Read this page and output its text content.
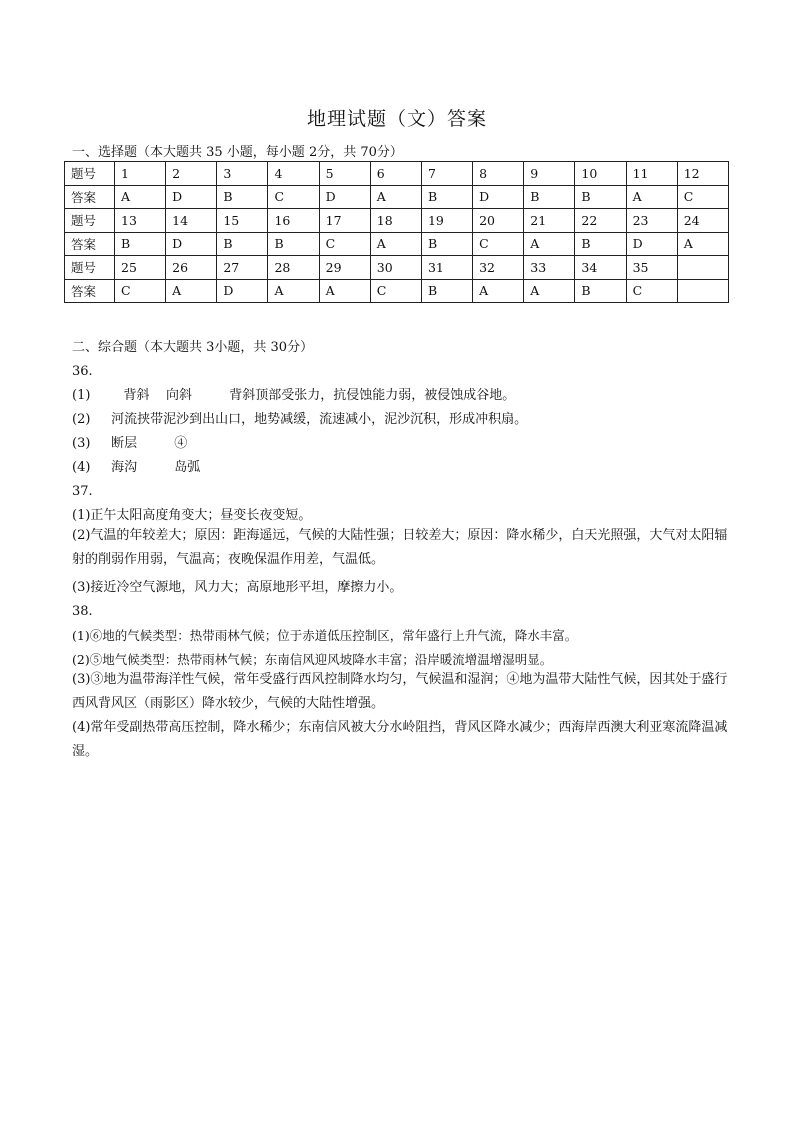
地理试题（文）答案
一、选择题（本大题共 35 小题，每小题 2分，共 70分）
题号	1	2	3	4	5	6	7	8	9	10	11	12
答案	A	D	B	C	D	A	B	D	B	B	A	C
题号	13	14	15	16	17	18	19	20	21	22	23	24
答案	B	D	B	B	C	A	B	C	A	B	D	A
题号	25	26	27	28	29	30	31	32	33	34	35	
答案	C	A	D	A	A	C	B	A	A	B	C	
二、综合题（本大题共 3小题，共 30分）
36.
(1)        背斜    向斜         背斜顶部受张力，抗侵蚀能力弱，被侵蚀成谷地。
(2)     河流挟带泥沙到出山口，地势减缓，流速减小，泥沙沉积，形成冲积扇。
(3)     断层         ④
(4)     海沟         岛弧
37.
(1)正午太阳高度角变大；昼变长夜变短。
(2)气温的年较差大；原因：距海遥远，气候的大陆性强；日较差大；原因：降水稀少，白天光照强，大气对太阳辐射的削弱作用弱，气温高；夜晚保温作用差，气温低。
(3)接近冷空气源地，风力大；高原地形平坦，摩擦力小。
38.
(1)⑥地的气候类型：热带雨林气候；位于赤道低压控制区，常年盛行上升气流，降水丰富。
(2)⑤地气候类型：热带雨林气候；东南信风迎风坡降水丰富；沿岸暖流增温增湿明显。
(3)③地为温带海洋性气候，常年受盛行西风控制降水均匀，气候温和湿润；④地为温带大陆性气候，因其处于盛行西风背风区（雨影区）降水较少，气候的大陆性增强。
(4)常年受副热带高压控制，降水稀少；东南信风被大分水岭阻挡，背风区降水减少；西海岸西澳大利亚寒流降温减湿。
